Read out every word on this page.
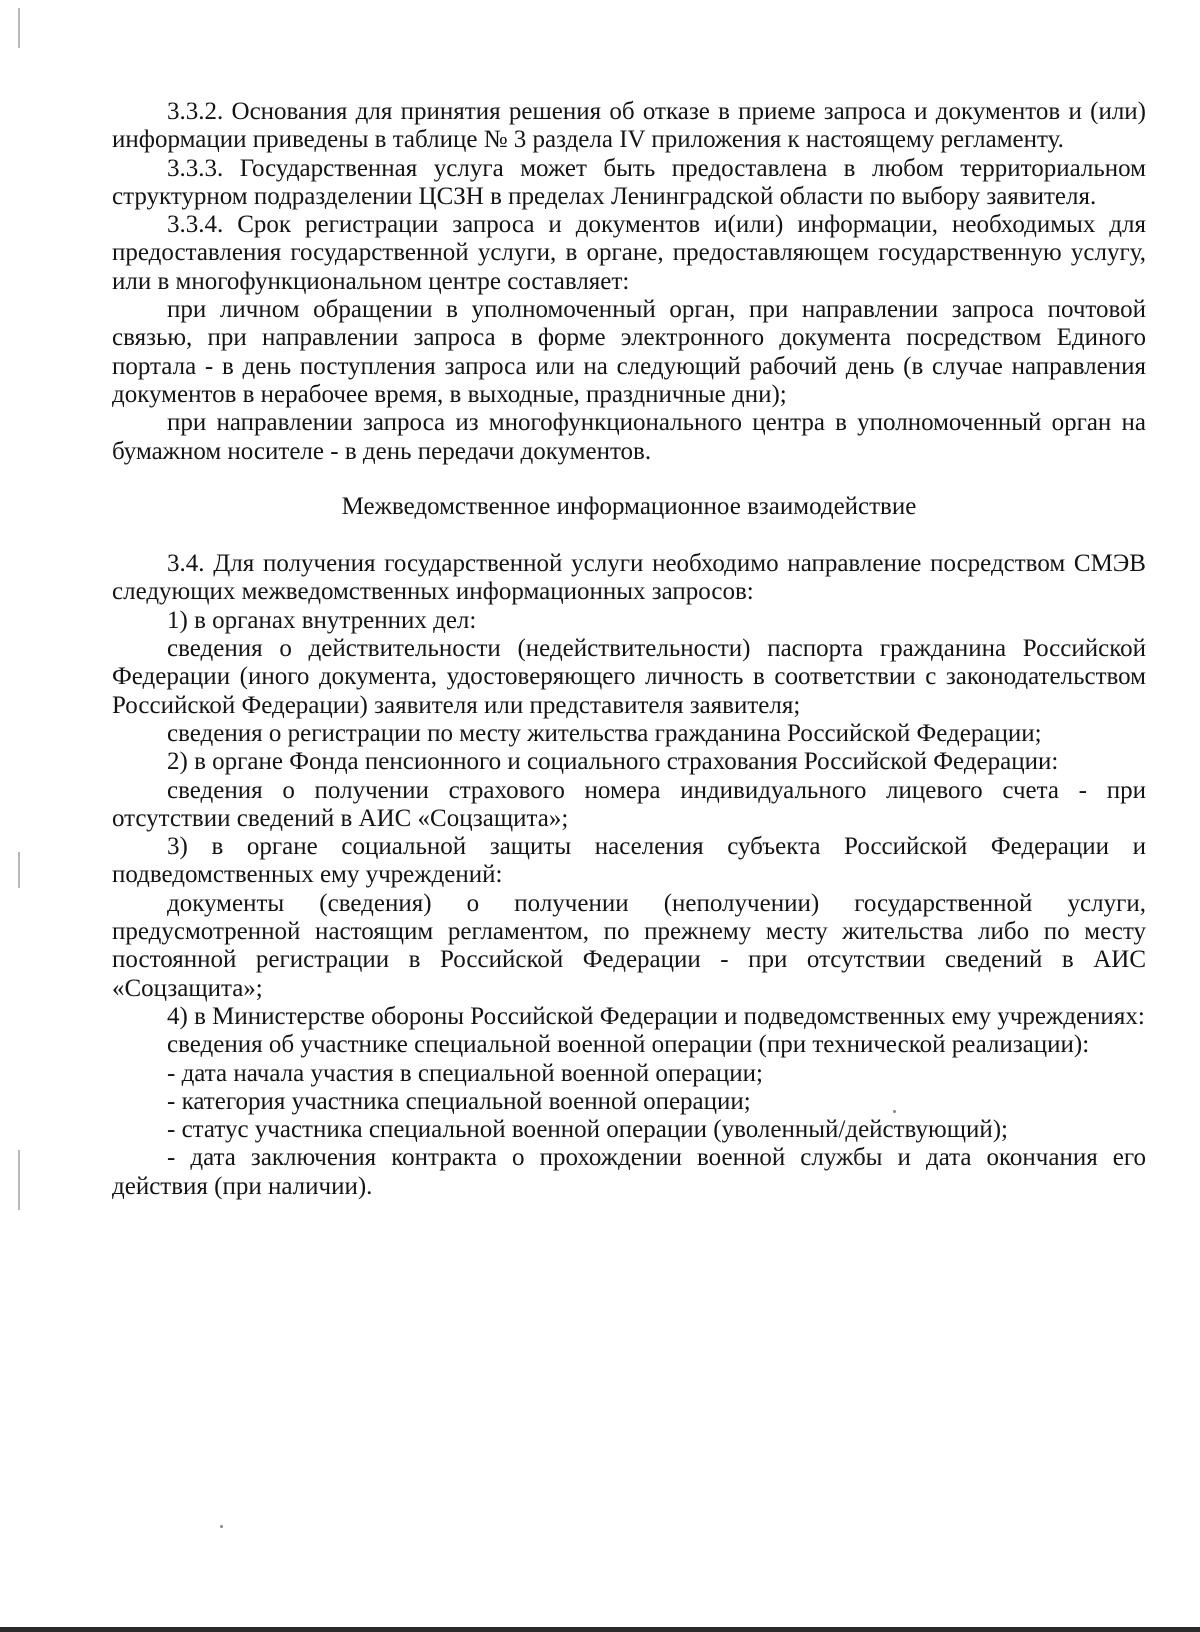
3.3.2. Основания для принятия решения об отказе в приеме запроса и документов и (или) информации приведены в таблице № 3 раздела IV приложения к настоящему регламенту.

3.3.3. Государственная услуга может быть предоставлена в любом территориальном структурном подразделении ЦСЗН в пределах Ленинградской области по выбору заявителя.

3.3.4. Срок регистрации запроса и документов и(или) информации, необходимых для предоставления государственной услуги, в органе, предоставляющем государственную услугу, или в многофункциональном центре составляет:

при личном обращении в уполномоченный орган, при направлении запроса почтовой связью, при направлении запроса в форме электронного документа посредством Единого портала - в день поступления запроса или на следующий рабочий день (в случае направления документов в нерабочее время, в выходные, праздничные дни);

при направлении запроса из многофункционального центра в уполномоченный орган на бумажном носителе - в день передачи документов.

Межведомственное информационное взаимодействие

3.4. Для получения государственной услуги необходимо направление посредством СМЭВ следующих межведомственных информационных запросов:

1) в органах внутренних дел:

сведения о действительности (недействительности) паспорта гражданина Российской Федерации (иного документа, удостоверяющего личность в соответствии с законодательством Российской Федерации) заявителя или представителя заявителя;

сведения о регистрации по месту жительства гражданина Российской Федерации;

2) в органе Фонда пенсионного и социального страхования Российской Федерации:

сведения о получении страхового номера индивидуального лицевого счета - при отсутствии сведений в АИС «Соцзащита»;

3) в органе социальной защиты населения субъекта Российской Федерации и подведомственных ему учреждений:

документы (сведения) о получении (неполучении) государственной услуги, предусмотренной настоящим регламентом, по прежнему месту жительства либо по месту постоянной регистрации в Российской Федерации - при отсутствии сведений в АИС «Соцзащита»;

4) в Министерстве обороны Российской Федерации и подведомственных ему учреждениях:

сведения об участнике специальной военной операции (при технической реализации):

- дата начала участия в специальной военной операции;

- категория участника специальной военной операции;

- статус участника специальной военной операции (уволенный/действующий);

- дата заключения контракта о прохождении военной службы и дата окончания его действия (при наличии).
